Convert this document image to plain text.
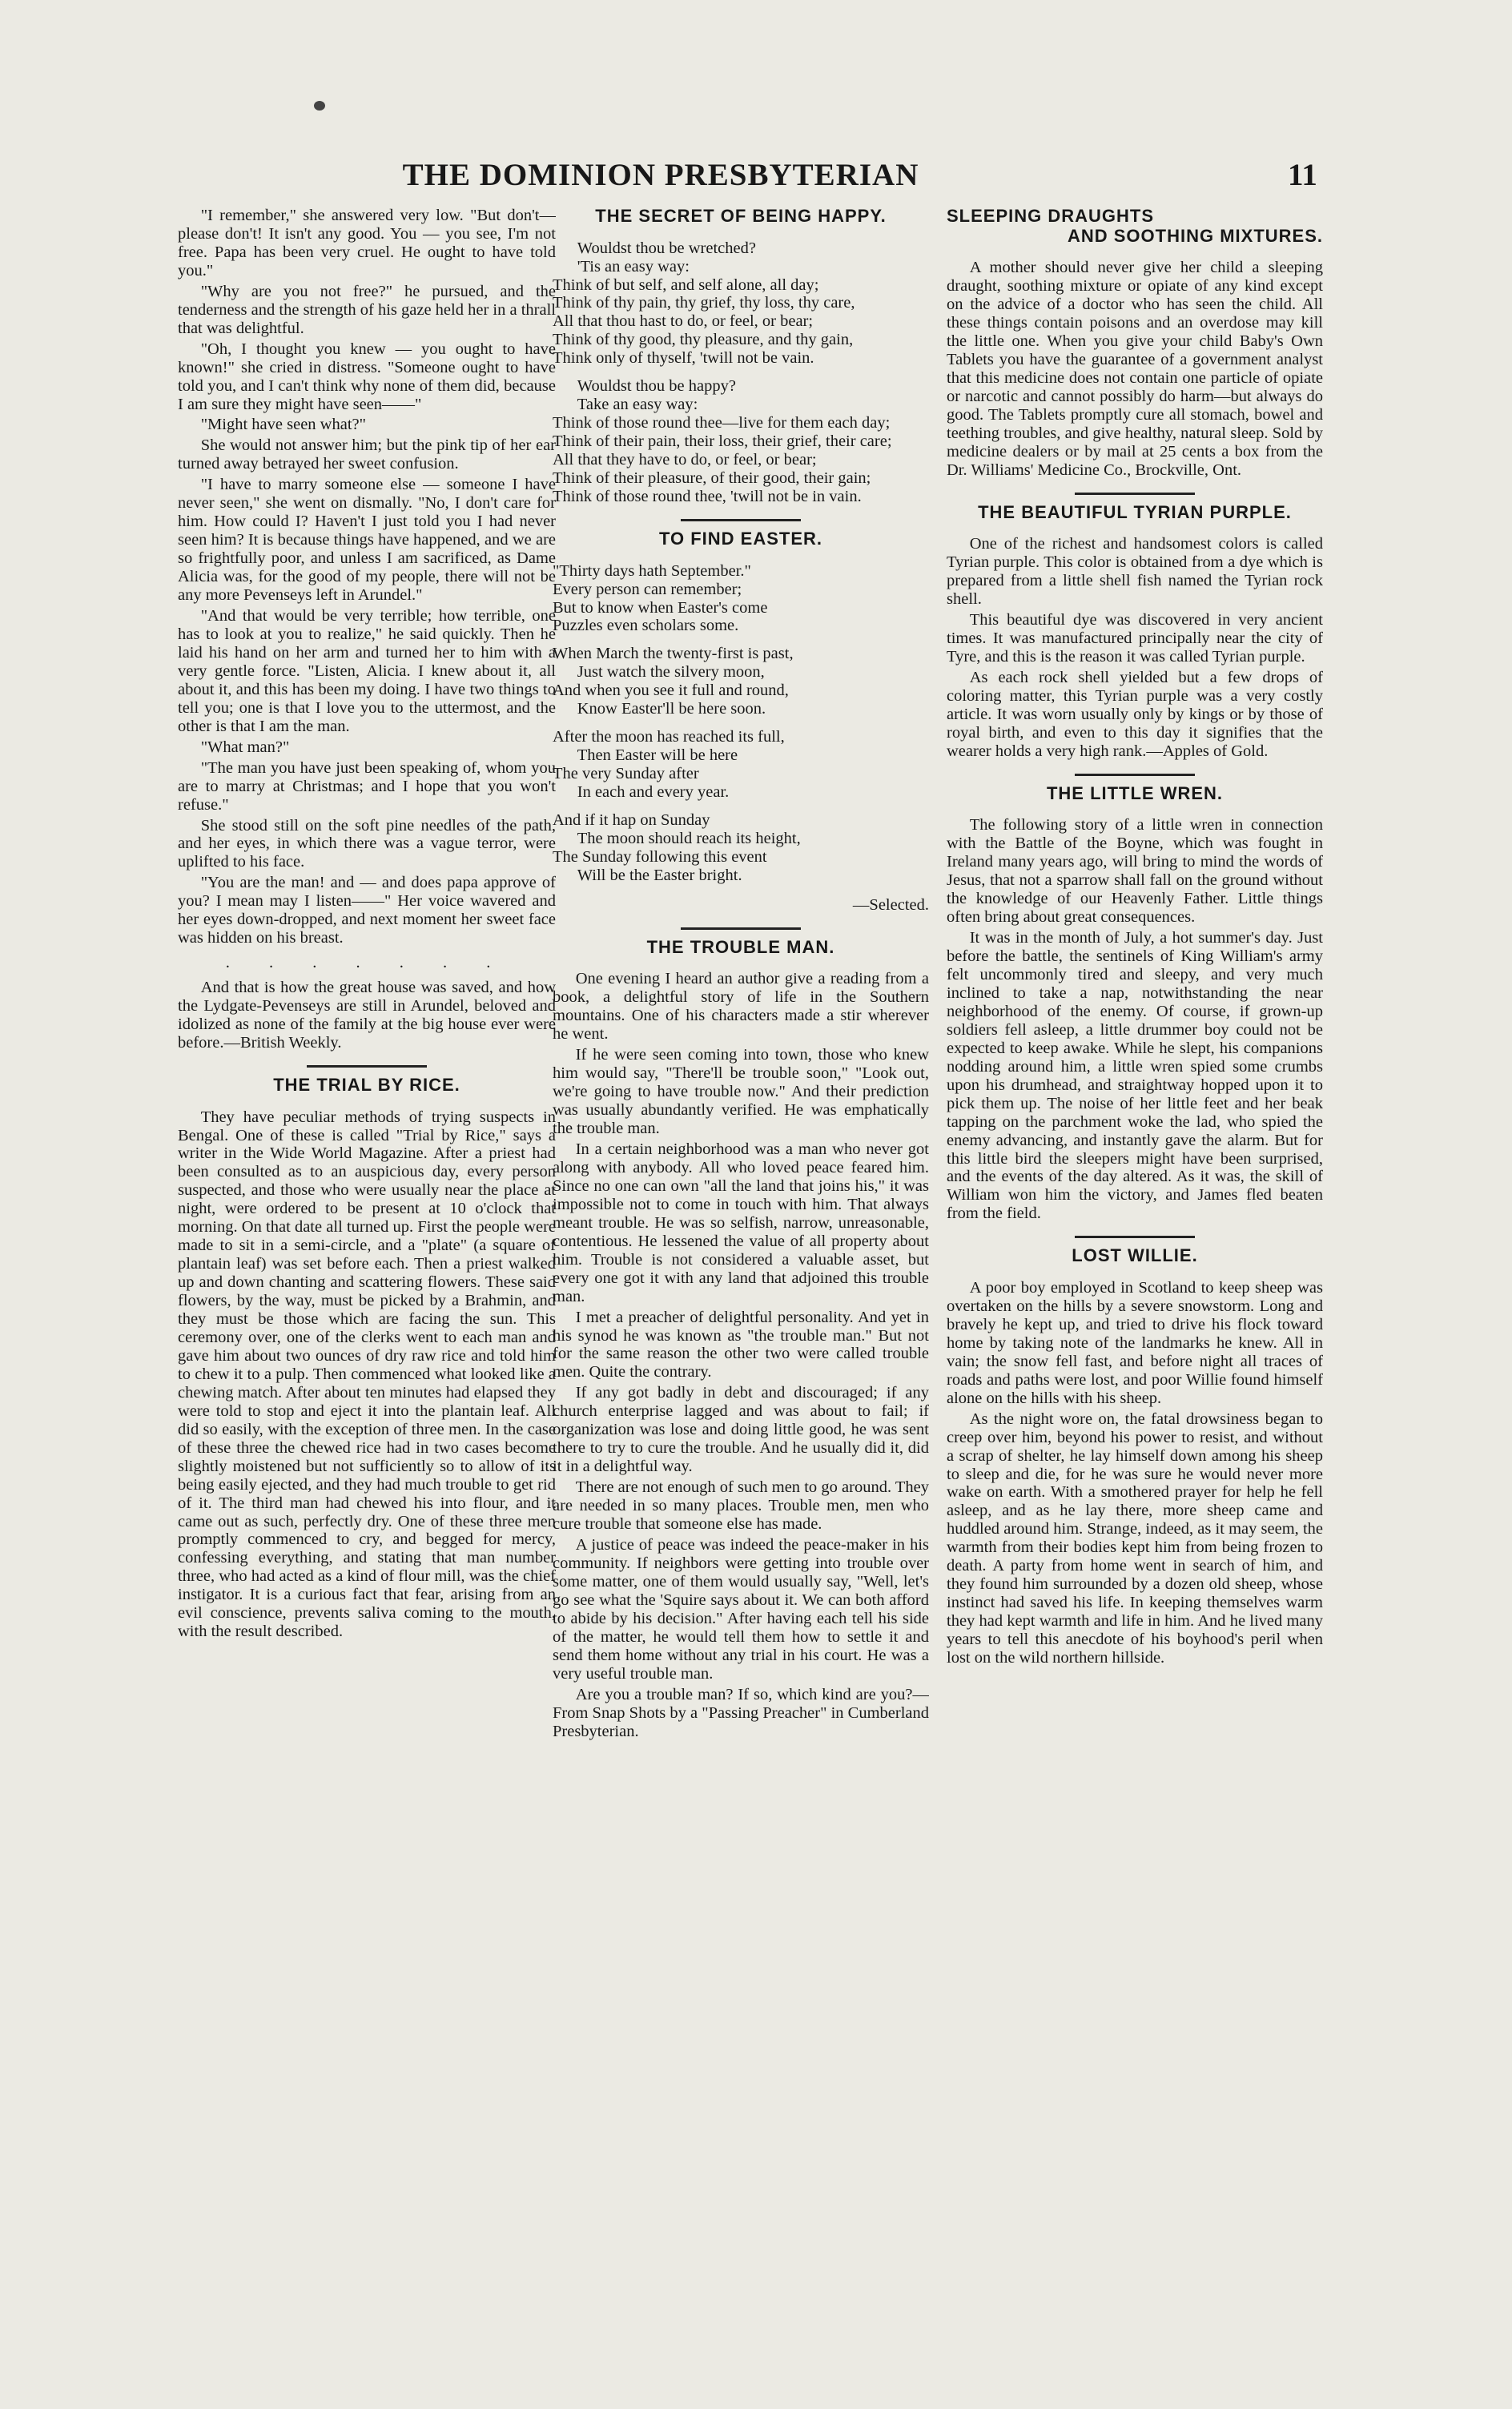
THE DOMINION PRESBYTERIAN	11

"I remember," she answered very low. "But don't—please don't! It isn't any good. You — you see, I'm not free. Papa has been very cruel. He ought to have told you."

"Why are you not free?" he pursued, and the tenderness and the strength of his gaze held her in a thrall that was delightful.

"Oh, I thought you knew — you ought to have known!" she cried in distress. "Someone ought to have told you, and I can't think why none of them did, because I am sure they might have seen——"

"Might have seen what?"

She would not answer him; but the pink tip of her ear turned away betrayed her sweet confusion.

"I have to marry someone else — someone I have never seen," she went on dismally. "No, I don't care for him. How could I? Haven't I just told you I had never seen him? It is because things have happened, and we are so frightfully poor, and unless I am sacrificed, as Dame Alicia was, for the good of my people, there will not be any more Pevenseys left in Arundel."

"And that would be very terrible; how terrible, one has to look at you to realize," he said quickly. Then he laid his hand on her arm and turned her to him with a very gentle force. "Listen, Alicia. I knew about it, all about it, and this has been my doing. I have two things to tell you; one is that I love you to the uttermost, and the other is that I am the man.

"What man?"

"The man you have just been speaking of, whom you are to marry at Christmas; and I hope that you won't refuse."

She stood still on the soft pine needles of the path, and her eyes, in which there was a vague terror, were uplifted to his face.

"You are the man! and — and does papa approve of you? I mean may I listen——" Her voice wavered and her eyes down-dropped, and next moment her sweet face was hidden on his breast.

. . . . . . .

And that is how the great house was saved, and how the Lydgate-Pevenseys are still in Arundel, beloved and idolized as none of the family at the big house ever were before.—British Weekly.

THE TRIAL BY RICE.

They have peculiar methods of trying suspects in Bengal. One of these is called "Trial by Rice," says a writer in the Wide World Magazine. After a priest had been consulted as to an auspicious day, every person suspected, and those who were usually near the place at night, were ordered to be present at 10 o'clock that morning. On that date all turned up. First the people were made to sit in a semi-circle, and a "plate" (a square of plantain leaf) was set before each. Then a priest walked up and down chanting and scattering flowers. These said flowers, by the way, must be picked by a Brahmin, and they must be those which are facing the sun. This ceremony over, one of the clerks went to each man and gave him about two ounces of dry raw rice and told him to chew it to a pulp. Then commenced what looked like a chewing match. After about ten minutes had elapsed they were told to stop and eject it into the plantain leaf. All did so easily, with the exception of three men. In the case of these three the chewed rice had in two cases become slightly moistened but not sufficiently so to allow of its being easily ejected, and they had much trouble to get rid of it. The third man had chewed his into flour, and it came out as such, perfectly dry. One of these three men promptly commenced to cry, and begged for mercy, confessing everything, and stating that man number three, who had acted as a kind of flour mill, was the chief instigator. It is a curious fact that fear, arising from an evil conscience, prevents saliva coming to the mouth, with the result described.

THE SECRET OF BEING HAPPY.
Wouldst thou be wretched?
'Tis an easy way:
Think of but self, and self alone, all day;
Think of thy pain, thy grief, thy loss, thy care,
All that thou hast to do, or feel, or bear;
Think of thy good, thy pleasure, and thy gain,
Think only of thyself, 'twill not be vain.
Wouldst thou be happy?
Take an easy way:
Think of those round thee—live for them each day;
Think of their pain, their loss, their grief, their care;
All that they have to do, or feel, or bear;
Think of their pleasure, of their good, their gain;
Think of those round thee, 'twill not be in vain.
TO FIND EASTER.
"Thirty days hath September."
Every person can remember;
But to know when Easter's come
Puzzles even scholars some.
When March the twenty-first is past,
Just watch the silvery moon,
And when you see it full and round,
Know Easter'll be here soon.
After the moon has reached its full,
Then Easter will be here
The very Sunday after
In each and every year.
And if it hap on Sunday
The moon should reach its height,
The Sunday following this event
Will be the Easter bright.

—Selected.

THE TROUBLE MAN.

One evening I heard an author give a reading from a book, a delightful story of life in the Southern mountains. One of his characters made a stir wherever he went.

If he were seen coming into town, those who knew him would say, "There'll be trouble soon," "Look out, we're going to have trouble now." And their prediction was usually abundantly verified. He was emphatically the trouble man.

In a certain neighborhood was a man who never got along with anybody. All who loved peace feared him. Since no one can own "all the land that joins his," it was impossible not to come in touch with him. That always meant trouble. He was so selfish, narrow, unreasonable, contentious. He lessened the value of all property about him. Trouble is not considered a valuable asset, but every one got it with any land that adjoined this trouble man.

I met a preacher of delightful personality. And yet in his synod he was known as "the trouble man." But not for the same reason the other two were called trouble men. Quite the contrary.

If any got badly in debt and discouraged; if any church enterprise lagged and was about to fail; if organization was lose and doing little good, he was sent there to try to cure the trouble. And he usually did it, did it in a delightful way.

There are not enough of such men to go around. They are needed in so many places. Trouble men, men who cure trouble that someone else has made.

A justice of peace was indeed the peace-maker in his community. If neighbors were getting into trouble over some matter, one of them would usually say, "Well, let's go see what the 'Squire says about it. We can both afford to abide by his decision." After having each tell his side of the matter, he would tell them how to settle it and send them home without any trial in his court. He was a very useful trouble man.

Are you a trouble man? If so, which kind are you?—From Snap Shots by a "Passing Preacher" in Cumberland Presbyterian.

SLEEPING DRAUGHTS
AND SOOTHING MIXTURES.

A mother should never give her child a sleeping draught, soothing mixture or opiate of any kind except on the advice of a doctor who has seen the child. All these things contain poisons and an overdose may kill the little one. When you give your child Baby's Own Tablets you have the guarantee of a government analyst that this medicine does not contain one particle of opiate or narcotic and cannot possibly do harm—but always do good. The Tablets promptly cure all stomach, bowel and teething troubles, and give healthy, natural sleep. Sold by medicine dealers or by mail at 25 cents a box from the Dr. Williams' Medicine Co., Brockville, Ont.

THE BEAUTIFUL TYRIAN PURPLE.

One of the richest and handsomest colors is called Tyrian purple. This color is obtained from a dye which is prepared from a little shell fish named the Tyrian rock shell.

This beautiful dye was discovered in very ancient times. It was manufactured principally near the city of Tyre, and this is the reason it was called Tyrian purple.

As each rock shell yielded but a few drops of coloring matter, this Tyrian purple was a very costly article. It was worn usually only by kings or by those of royal birth, and even to this day it signifies that the wearer holds a very high rank.—Apples of Gold.

THE LITTLE WREN.

The following story of a little wren in connection with the Battle of the Boyne, which was fought in Ireland many years ago, will bring to mind the words of Jesus, that not a sparrow shall fall on the ground without the knowledge of our Heavenly Father. Little things often bring about great consequences.

It was in the month of July, a hot summer's day. Just before the battle, the sentinels of King William's army felt uncommonly tired and sleepy, and very much inclined to take a nap, notwithstanding the near neighborhood of the enemy. Of course, if grown-up soldiers fell asleep, a little drummer boy could not be expected to keep awake. While he slept, his companions nodding around him, a little wren spied some crumbs upon his drumhead, and straightway hopped upon it to pick them up. The noise of her little feet and her beak tapping on the parchment woke the lad, who spied the enemy advancing, and instantly gave the alarm. But for this little bird the sleepers might have been surprised, and the events of the day altered. As it was, the skill of William won him the victory, and James fled beaten from the field.

LOST WILLIE.

A poor boy employed in Scotland to keep sheep was overtaken on the hills by a severe snowstorm. Long and bravely he kept up, and tried to drive his flock toward home by taking note of the landmarks he knew. All in vain; the snow fell fast, and before night all traces of roads and paths were lost, and poor Willie found himself alone on the hills with his sheep.

As the night wore on, the fatal drowsiness began to creep over him, beyond his power to resist, and without a scrap of shelter, he lay himself down among his sheep to sleep and die, for he was sure he would never more wake on earth. With a smothered prayer for help he fell asleep, and as he lay there, more sheep came and huddled around him. Strange, indeed, as it may seem, the warmth from their bodies kept him from being frozen to death. A party from home went in search of him, and they found him surrounded by a dozen old sheep, whose instinct had saved his life. In keeping themselves warm they had kept warmth and life in him. And he lived many years to tell this anecdote of his boyhood's peril when lost on the wild northern hillside.
